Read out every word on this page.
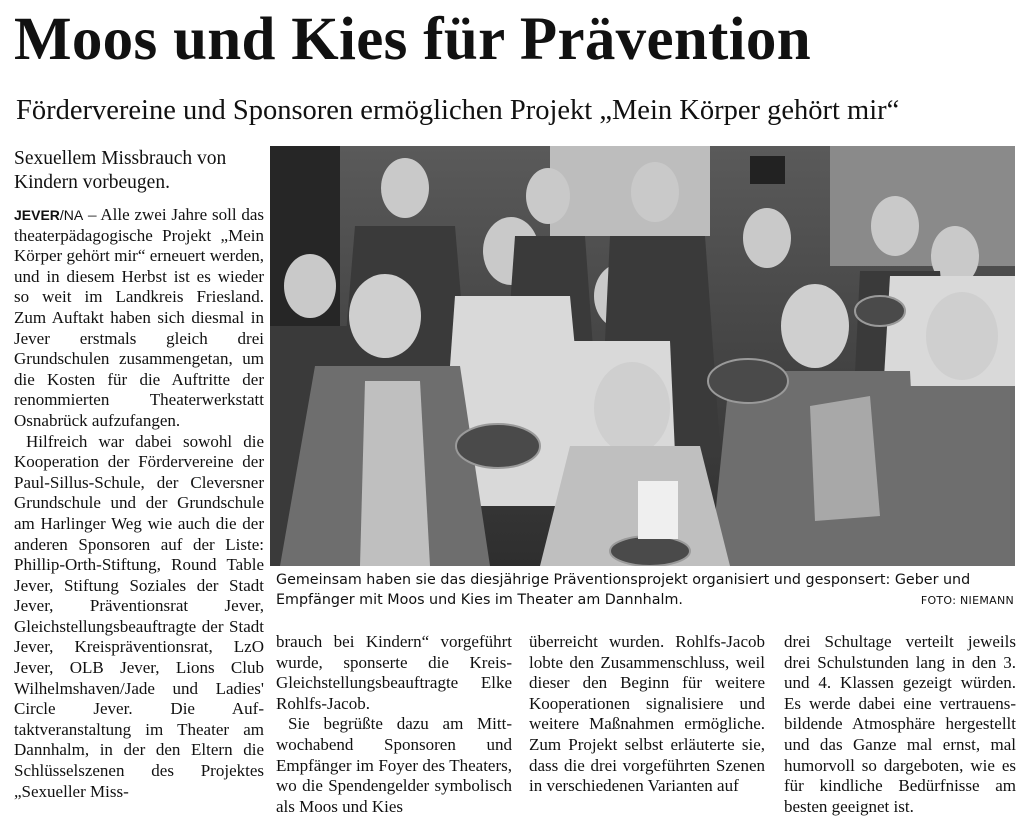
Moos und Kies für Prävention
Fördervereine und Sponsoren ermöglichen Projekt „Mein Körper gehört mir“

Sexuellem Missbrauch von Kindern vorbeugen.

JEVER/NA – Alle zwei Jahre soll das theaterpädagogische Projekt „Mein Körper gehört mir“ erneuert werden, und in diesem Herbst ist es wieder so weit im Landkreis Friesland. Zum Auftakt haben sich diesmal in Jever erstmals gleich drei Grundschulen zusammengetan, um die Kosten für die Auftritte der renommierten Theaterwerkstatt Osnabrück aufzufangen.

Hilfreich war dabei sowohl die Kooperation der Fördervereine der Paul-Sillus-Schule, der Cleversner Grundschule und der Grundschule am Harlinger Weg wie auch die der anderen Sponsoren auf der Liste: Phillip-Orth-Stiftung, Round Table Jever, Stiftung Soziales der Stadt Jever, Präventionsrat Jever, Gleichstellungsbeauftragte der Stadt Jever, Kreispräventionsrat, LzO Jever, OLB Jever, Lions Club Wilhelmshaven/Jade und Ladies' Circle Jever. Die Auftaktveranstaltung im Theater am Dannhalm, in der den Eltern die Schlüsselszenen des Projektes „Sexueller Miss-

Gemeinsam haben sie das diesjährige Präventionsprojekt organisiert und gesponsert: Geber und Empfänger mit Moos und Kies im Theater am Dannhalm.	FOTO: NIEMANN

brauch bei Kindern“ vorgeführt wurde, sponserte die Kreis-Gleichstellungsbeauftragte Elke Rohlfs-Jacob.

Sie begrüßte dazu am Mittwochabend Sponsoren und Empfänger im Foyer des Theaters, wo die Spendengelder symbolisch als Moos und Kies

überreicht wurden. Rohlfs-Jacob lobte den Zusammenschluss, weil dieser den Beginn für weitere Kooperationen signalisiere und weitere Maßnahmen ermögliche. Zum Projekt selbst erläuterte sie, dass die drei vorgeführten Szenen in verschiedenen Varianten auf

drei Schultage verteilt jeweils drei Schulstunden lang in den 3. und 4. Klassen gezeigt würden. Es werde dabei eine vertrauensbildende Atmosphäre hergestellt und das Ganze mal ernst, mal humorvoll so dargeboten, wie es für kindliche Bedürfnisse am besten geeignet ist.
